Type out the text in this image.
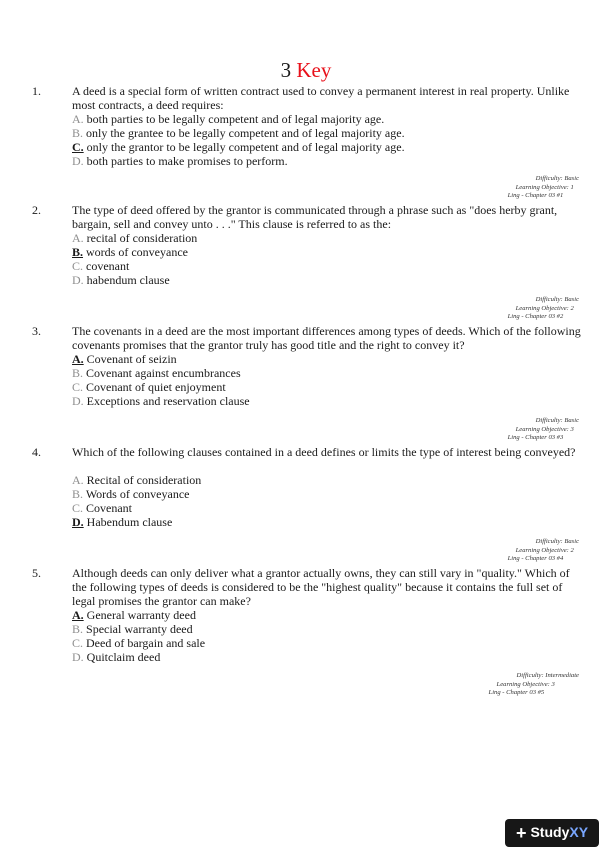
3 Key
1.	A deed is a special form of written contract used to convey a permanent interest in real property. Unlike most contracts, a deed requires:
A. both parties to be legally competent and of legal majority age.
B. only the grantee to be legally competent and of legal majority age.
C. only the grantor to be legally competent and of legal majority age.
D. both parties to make promises to perform.
Difficulty: Basic
Learning Objective: 1
Ling - Chapter 03 #1
2.	The type of deed offered by the grantor is communicated through a phrase such as "does herby grant, bargain, sell and convey unto . . ." This clause is referred to as the:
A. recital of consideration
B. words of conveyance
C. covenant
D. habendum clause
Difficulty: Basic
Learning Objective: 2
Ling - Chapter 03 #2
3.	The covenants in a deed are the most important differences among types of deeds. Which of the following covenants promises that the grantor truly has good title and the right to convey it?
A. Covenant of seizin
B. Covenant against encumbrances
C. Covenant of quiet enjoyment
D. Exceptions and reservation clause
Difficulty: Basic
Learning Objective: 3
Ling - Chapter 03 #3
4.	Which of the following clauses contained in a deed defines or limits the type of interest being conveyed?
A. Recital of consideration
B. Words of conveyance
C. Covenant
D. Habendum clause
Difficulty: Basic
Learning Objective: 2
Ling - Chapter 03 #4
5.	Although deeds can only deliver what a grantor actually owns, they can still vary in "quality." Which of the following types of deeds is considered to be the "highest quality" because it contains the full set of legal promises the grantor can make?
A. General warranty deed
B. Special warranty deed
C. Deed of bargain and sale
D. Quitclaim deed
Difficulty: Intermediate
Learning Objective: 3
Ling - Chapter 03 #5
+ StudyXY
